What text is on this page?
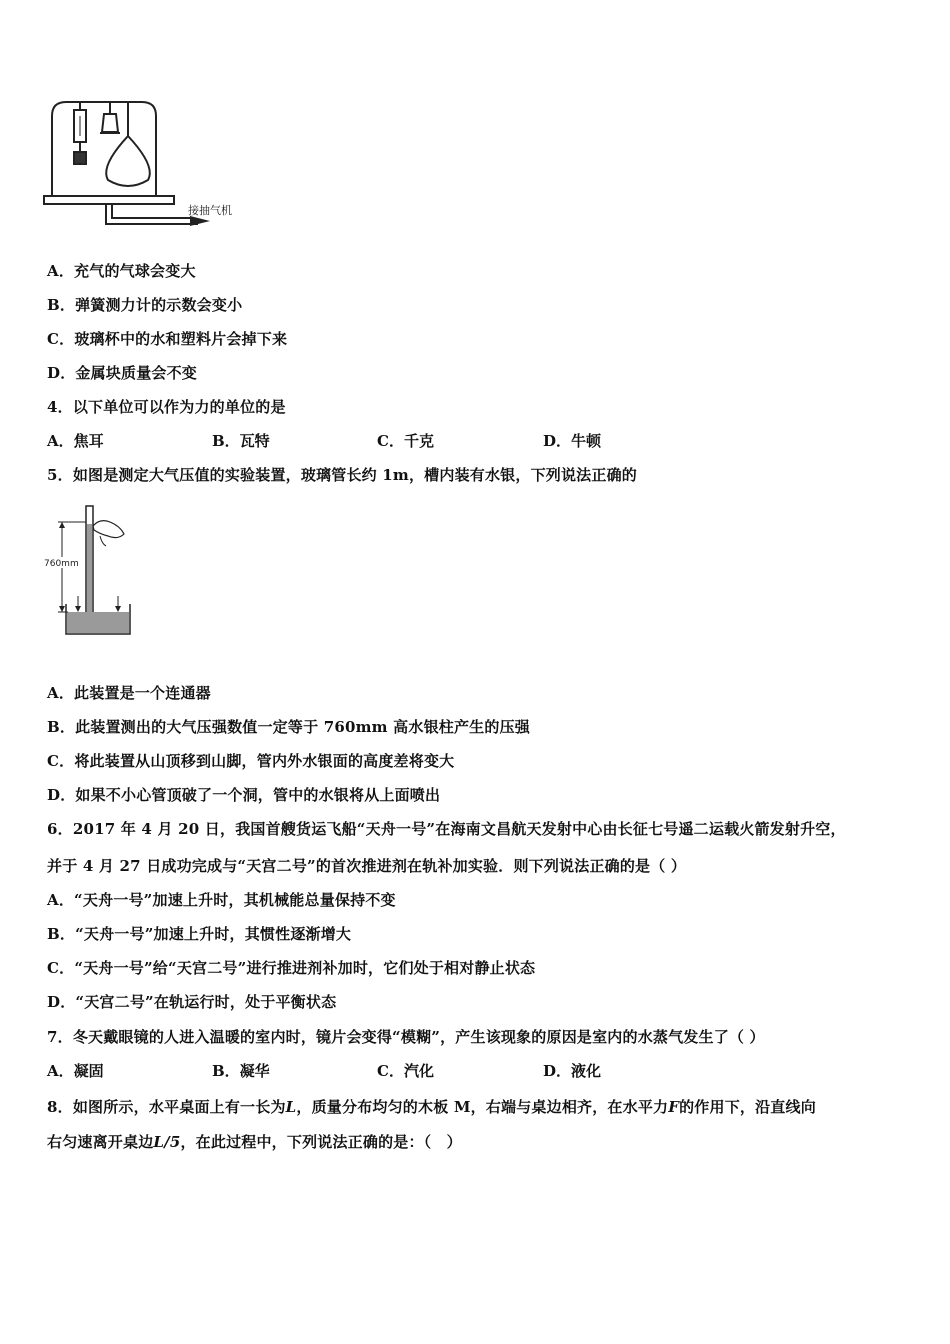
接抽气机
A．充气的气球会变大
B．弹簧测力计的示数会变小
C．玻璃杯中的水和塑料片会掉下来
D．金属块质量会不变
4．以下单位可以作为力的单位的是
A．焦耳	B．瓦特	C．千克	D．牛顿
5．如图是测定大气压值的实验装置，玻璃管长约 1m，槽内装有水银，下列说法正确的
760mm
A．此装置是一个连通器
B．此装置测出的大气压强数值一定等于 760mm 高水银柱产生的压强
C．将此装置从山顶移到山脚，管内外水银面的高度差将变大
D．如果不小心管顶破了一个洞，管中的水银将从上面喷出
6．2017 年 4 月 20 日，我国首艘货运飞船“天舟一号”在海南文昌航天发射中心由长征七号遥二运载火箭发射升空，
并于 4 月 27 日成功完成与“天宫二号”的首次推进剂在轨补加实验．则下列说法正确的是（ ）
A．“天舟一号”加速上升时，其机械能总量保持不变
B．“天舟一号”加速上升时，其惯性逐渐增大
C．“天舟一号”给“天宫二号”进行推进剂补加时，它们处于相对静止状态
D．“天宫二号”在轨运行时，处于平衡状态
7．冬天戴眼镜的人进入温暖的室内时，镜片会变得“模糊”，产生该现象的原因是室内的水蒸气发生了（ ）
A．凝固	B．凝华	C．汽化	D．液化
8．如图所示，水平桌面上有一长为L，质量分布均匀的木板 M，右端与桌边相齐，在水平力F的作用下，沿直线向
右匀速离开桌边L/5，在此过程中，下列说法正确的是：（　）
